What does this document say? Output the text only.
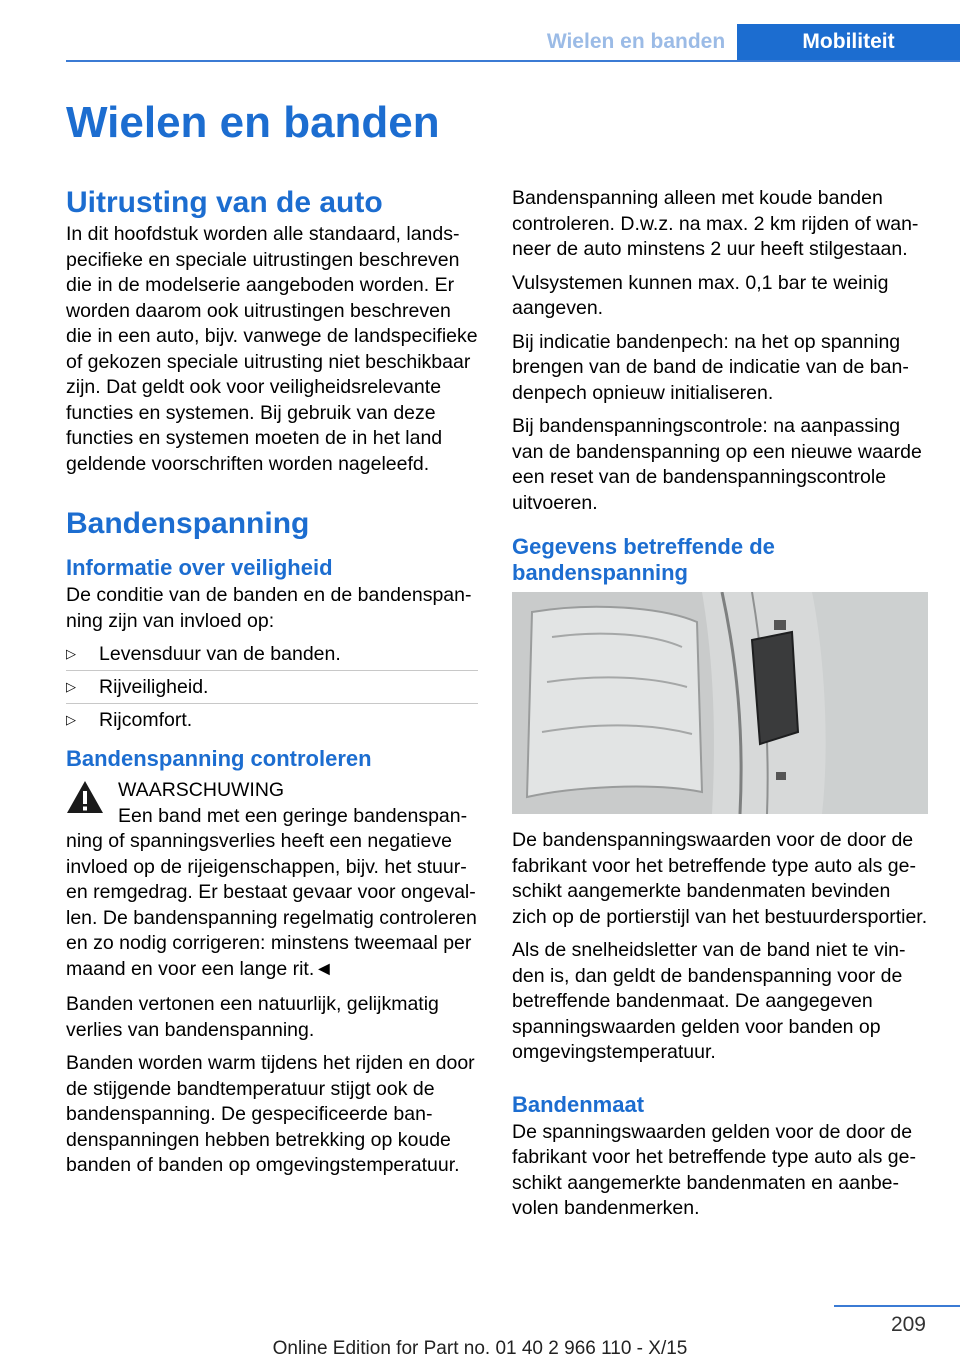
Wielen en banden	Mobiliteit
Wielen en banden
Uitrusting van de auto

In dit hoofdstuk worden alle standaard, landspecifieke en speciale uitrustingen beschreven die in de modelserie aangeboden worden. Er worden daarom ook uitrustingen beschreven die in een auto, bijv. vanwege de landspecifieke of gekozen speciale uitrusting niet beschikbaar zijn. Dat geldt ook voor veiligheidsrelevante functies en systemen. Bij gebruik van deze functies en systemen moeten de in het land geldende voorschriften worden nageleefd.

Bandenspanning
Informatie over veiligheid

De conditie van de banden en de bandenspanning zijn van invloed op:

▷ Levensduur van de banden.
▷ Rijveiligheid.
▷ Rijcomfort.
Bandenspanning controleren
WAARSCHUWING
Een band met een geringe bandenspan-

ning of spanningsverlies heeft een negatieve invloed op de rijeigenschappen, bijv. het stuur- en remgedrag. Er bestaat gevaar voor ongevallen. De bandenspanning regelmatig controleren en zo nodig corrigeren: minstens tweemaal per maand en voor een lange rit.◄

Banden vertonen een natuurlijk, gelijkmatig verlies van bandenspanning.

Banden worden warm tijdens het rijden en door de stijgende bandtemperatuur stijgt ook de bandenspanning. De gespecificeerde bandenspanningen hebben betrekking op koude banden of banden op omgevingstemperatuur.

Bandenspanning alleen met koude banden controleren. D.w.z. na max. 2 km rijden of wanneer de auto minstens 2 uur heeft stilgestaan.

Vulsystemen kunnen max. 0,1 bar te weinig aangeven.

Bij indicatie bandenpech: na het op spanning brengen van de band de indicatie van de bandenpech opnieuw initialiseren.

Bij bandenspanningscontrole: na aanpassing van de bandenspanning op een nieuwe waarde een reset van de bandenspanningscontrole uitvoeren.

Gegevens betreffende de bandenspanning

De bandenspanningswaarden voor de door de fabrikant voor het betreffende type auto als geschikt aangemerkte bandenmaten bevinden zich op de portierstijl van het bestuurdersportier.

Als de snelheidsletter van de band niet te vinden is, dan geldt de bandenspanning voor de betreffende bandenmaat. De aangegeven spanningswaarden gelden voor banden op omgevingstemperatuur.

Bandenmaat

De spanningswaarden gelden voor de door de fabrikant voor het betreffende type auto als geschikt aangemerkte bandenmaten en aanbevolen bandenmerken.

209
Online Edition for Part no. 01 40 2 966 110 - X/15
